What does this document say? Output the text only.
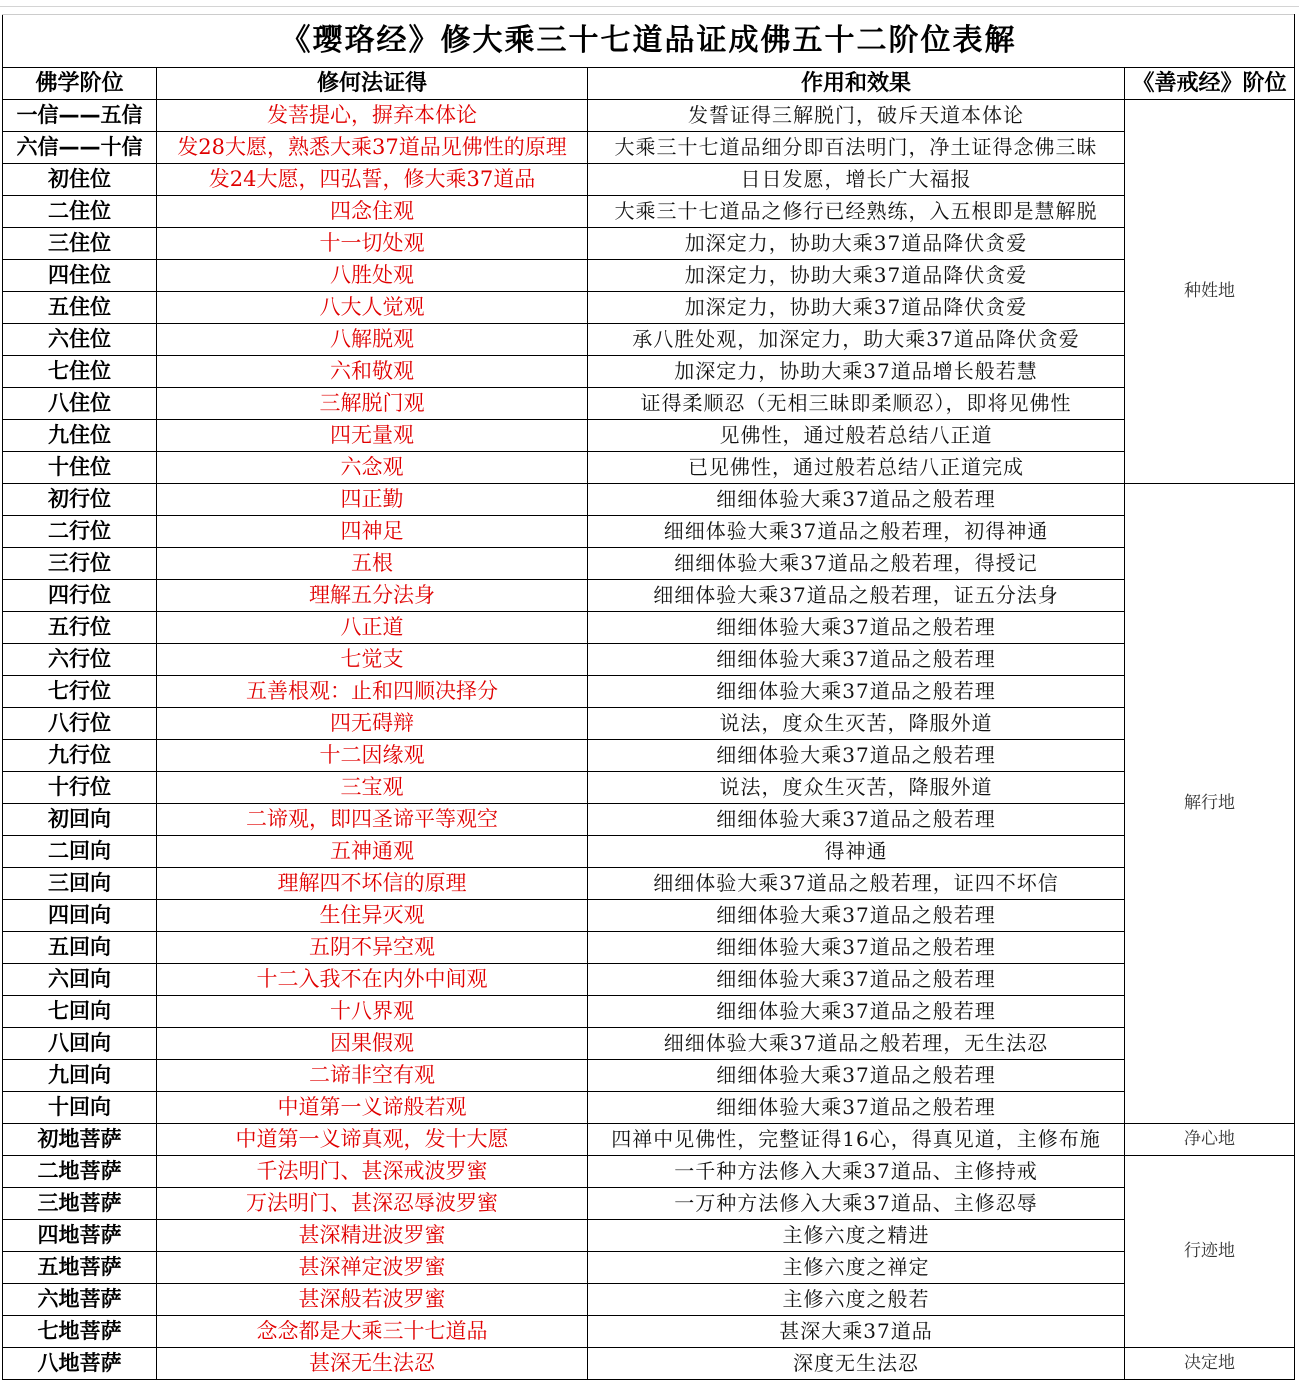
《璎珞经》修大乘三十七道品证成佛五十二阶位表解			
佛学阶位	修何法证得	作用和效果	《善戒经》阶位
一信——五信	发菩提心，摒弃本体论	发誓证得三解脱门，破斥天道本体论	种姓地
六信——十信	发28大愿，熟悉大乘37道品见佛性的原理	大乘三十七道品细分即百法明门，净土证得念佛三昧	
初住位	发24大愿，四弘誓，修大乘37道品	日日发愿，增长广大福报	
二住位	四念住观	大乘三十七道品之修行已经熟练，入五根即是慧解脱	
三住位	十一切处观	加深定力，协助大乘37道品降伏贪爱	
四住位	八胜处观	加深定力，协助大乘37道品降伏贪爱	
五住位	八大人觉观	加深定力，协助大乘37道品降伏贪爱	
六住位	八解脱观	承八胜处观，加深定力，助大乘37道品降伏贪爱	
七住位	六和敬观	加深定力，协助大乘37道品增长般若慧	
八住位	三解脱门观	证得柔顺忍（无相三昧即柔顺忍），即将见佛性	
九住位	四无量观	见佛性，通过般若总结八正道	
十住位	六念观	已见佛性，通过般若总结八正道完成	
初行位	四正勤	细细体验大乘37道品之般若理	解行地
二行位	四神足	细细体验大乘37道品之般若理，初得神通	
三行位	五根	细细体验大乘37道品之般若理，得授记	
四行位	理解五分法身	细细体验大乘37道品之般若理，证五分法身	
五行位	八正道	细细体验大乘37道品之般若理	
六行位	七觉支	细细体验大乘37道品之般若理	
七行位	五善根观：止和四顺决择分	细细体验大乘37道品之般若理	
八行位	四无碍辩	说法，度众生灭苦，降服外道	
九行位	十二因缘观	细细体验大乘37道品之般若理	
十行位	三宝观	说法，度众生灭苦，降服外道	
初回向	二谛观，即四圣谛平等观空	细细体验大乘37道品之般若理	
二回向	五神通观	得神通	
三回向	理解四不坏信的原理	细细体验大乘37道品之般若理，证四不坏信	
四回向	生住异灭观	细细体验大乘37道品之般若理	
五回向	五阴不异空观	细细体验大乘37道品之般若理	
六回向	十二入我不在内外中间观	细细体验大乘37道品之般若理	
七回向	十八界观	细细体验大乘37道品之般若理	
八回向	因果假观	细细体验大乘37道品之般若理，无生法忍	
九回向	二谛非空有观	细细体验大乘37道品之般若理	
十回向	中道第一义谛般若观	细细体验大乘37道品之般若理	
初地菩萨	中道第一义谛真观，发十大愿	四禅中见佛性，完整证得16心，得真见道，主修布施	净心地
二地菩萨	千法明门、甚深戒波罗蜜	一千种方法修入大乘37道品、主修持戒	行迹地
三地菩萨	万法明门、甚深忍辱波罗蜜	一万种方法修入大乘37道品、主修忍辱	
四地菩萨	甚深精进波罗蜜	主修六度之精进	
五地菩萨	甚深禅定波罗蜜	主修六度之禅定	
六地菩萨	甚深般若波罗蜜	主修六度之般若	
七地菩萨	念念都是大乘三十七道品	甚深大乘37道品	
八地菩萨	甚深无生法忍	深度无生法忍	决定地
